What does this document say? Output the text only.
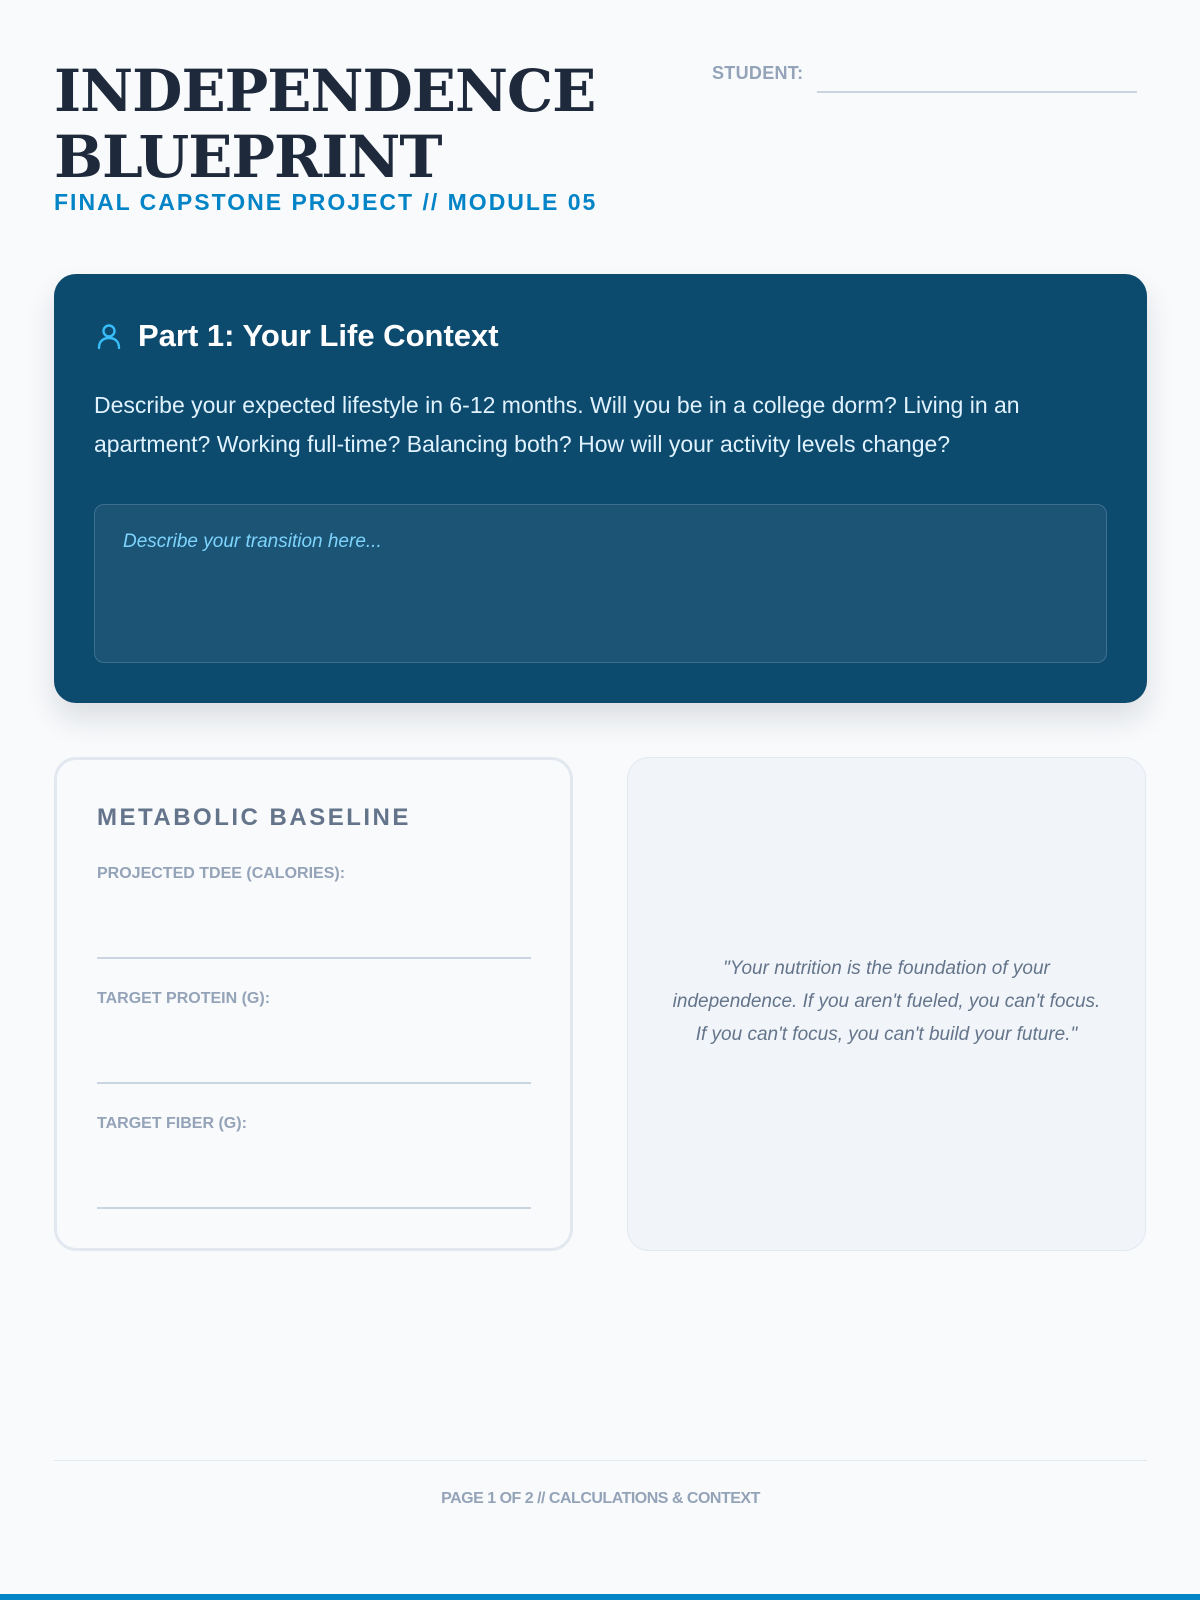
INDEPENDENCE
BLUEPRINT
FINAL CAPSTONE PROJECT // MODULE 05
STUDENT:
Part 1: Your Life Context

Describe your expected lifestyle in 6-12 months. Will you be in a college dorm? Living in an apartment? Working full-time? Balancing both? How will your activity levels change?

Describe your transition here...
METABOLIC BASELINE
PROJECTED TDEE (CALORIES):
TARGET PROTEIN (G):
TARGET FIBER (G):

"Your nutrition is the foundation of your independence. If you aren't fueled, you can't focus. If you can't focus, you can't build your future."

PAGE 1 OF 2 // CALCULATIONS & CONTEXT
